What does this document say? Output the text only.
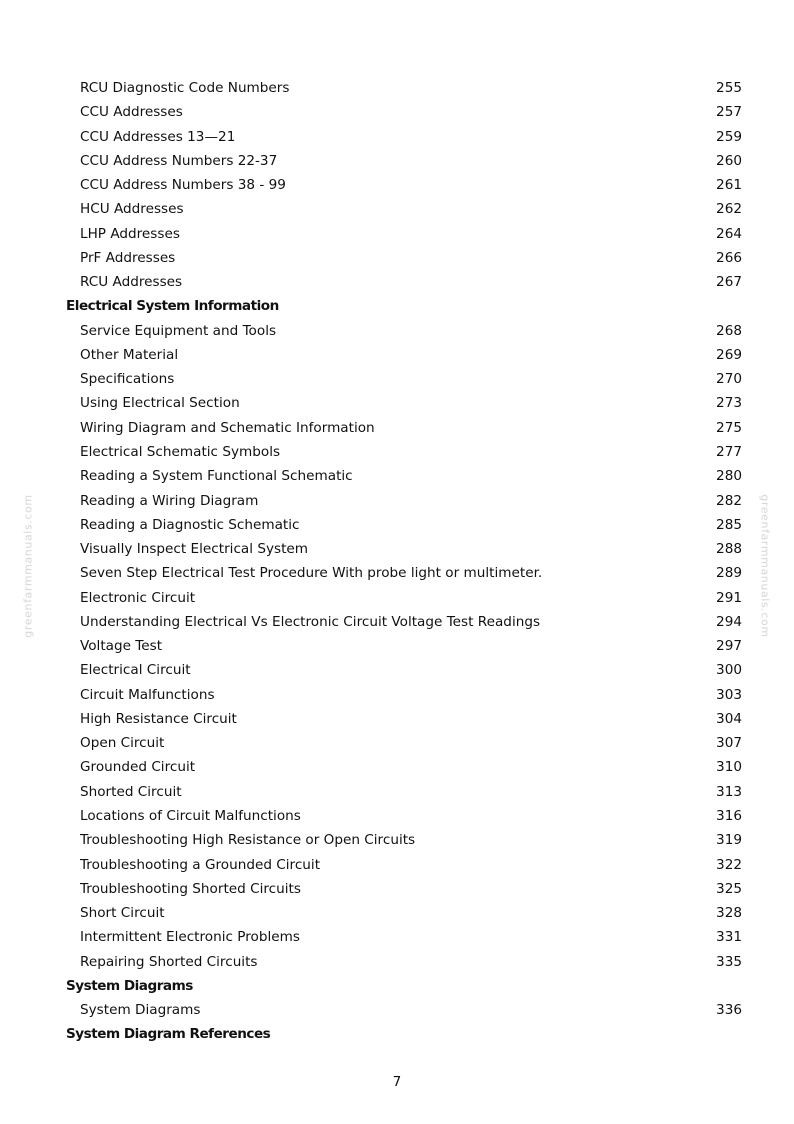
RCU Diagnostic Code Numbers	255
CCU Addresses	257
CCU Addresses 13—21	259
CCU Address Numbers 22-37	260
CCU Address Numbers 38 - 99	261
HCU Addresses	262
LHP Addresses	264
PrF Addresses	266
RCU Addresses	267
Electrical System Information
Service Equipment and Tools	268
Other Material	269
Specifications	270
Using Electrical Section	273
Wiring Diagram and Schematic Information	275
Electrical Schematic Symbols	277
Reading a System Functional Schematic	280
Reading a Wiring Diagram	282
Reading a Diagnostic Schematic	285
Visually Inspect Electrical System	288
Seven Step Electrical Test Procedure With probe light or multimeter.	289
Electronic Circuit	291
Understanding Electrical Vs Electronic Circuit Voltage Test Readings	294
Voltage Test	297
Electrical Circuit	300
Circuit Malfunctions	303
High Resistance Circuit	304
Open Circuit	307
Grounded Circuit	310
Shorted Circuit	313
Locations of Circuit Malfunctions	316
Troubleshooting High Resistance or Open Circuits	319
Troubleshooting a Grounded Circuit	322
Troubleshooting Shorted Circuits	325
Short Circuit	328
Intermittent Electronic Problems	331
Repairing Shorted Circuits	335
System Diagrams
System Diagrams	336
System Diagram References
7
greenfarmmanuals.com	greenfarmmanuals.com
